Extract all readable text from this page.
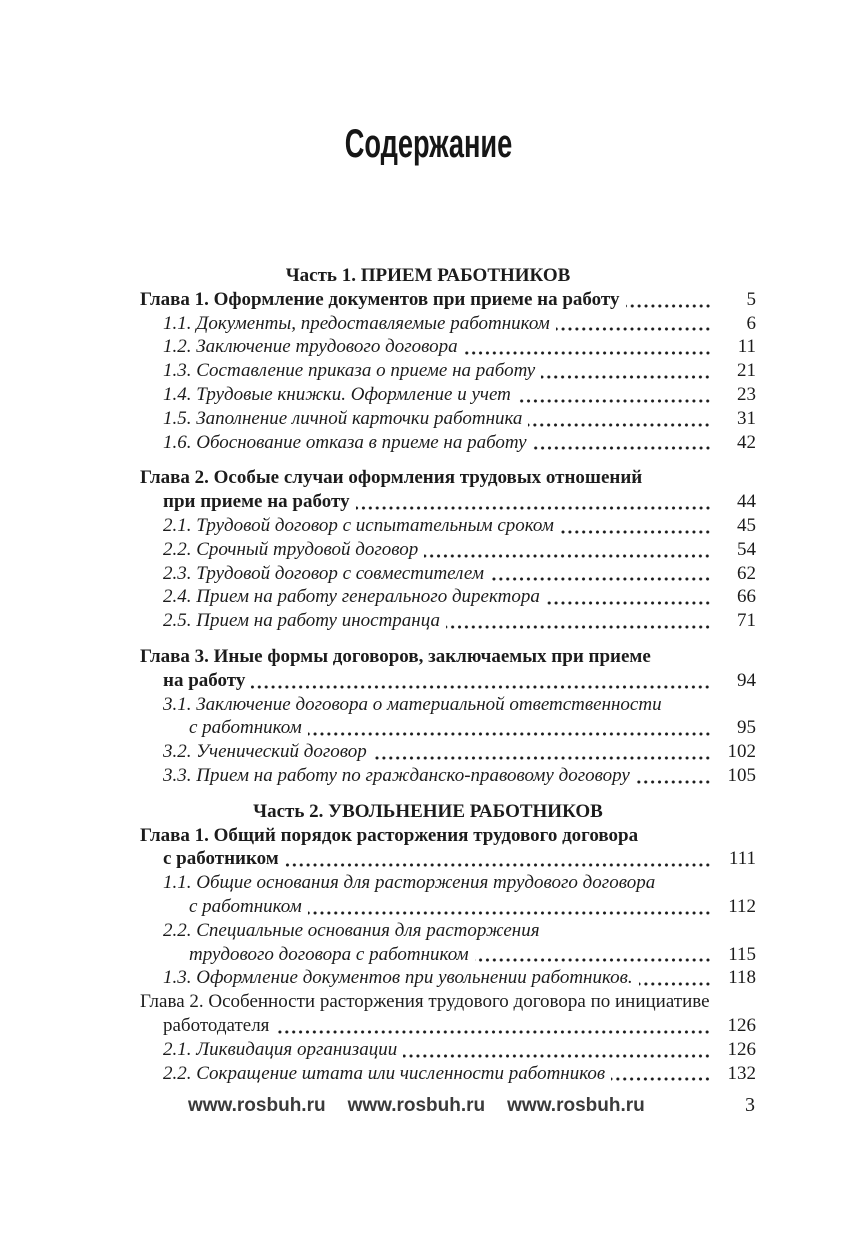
Содержание
Часть 1. ПРИЕМ РАБОТНИКОВ
Глава 1. Оформление документов при приеме на работу	5
1.1. Документы, предоставляемые работником	6
1.2. Заключение трудового договора	11
1.3. Составление приказа о приеме на работу	21
1.4. Трудовые книжки. Оформление и учет	23
1.5. Заполнение личной карточки работника	31
1.6. Обоснование отказа в приеме на работу	42
Глава 2. Особые случаи оформления трудовых отношений
при приеме на работу	44
2.1. Трудовой договор с испытательным сроком	45
2.2. Срочный трудовой договор	54
2.3. Трудовой договор с совместителем	62
2.4. Прием на работу генерального директора	66
2.5. Прием на работу иностранца	71
Глава 3. Иные формы договоров, заключаемых при приеме
на работу	94
3.1. Заключение договора о материальной ответственности
с работником	95
3.2. Ученический договор	102
3.3. Прием на работу по гражданско-правовому договору	105
Часть 2. УВОЛЬНЕНИЕ РАБОТНИКОВ
Глава 1. Общий порядок расторжения трудового договора
с работником	111
1.1. Общие основания для расторжения трудового договора
с работником	112
2.2. Специальные основания для расторжения
трудового договора с работником	115
1.3. Оформление документов при увольнении работников.	118
Глава 2. Особенности расторжения трудового договора по инициативе
работодателя	126
2.1. Ликвидация организации	126
2.2. Сокращение штата или численности работников	132
www.rosbuh.ru www.rosbuh.ru www.rosbuh.ru	3
